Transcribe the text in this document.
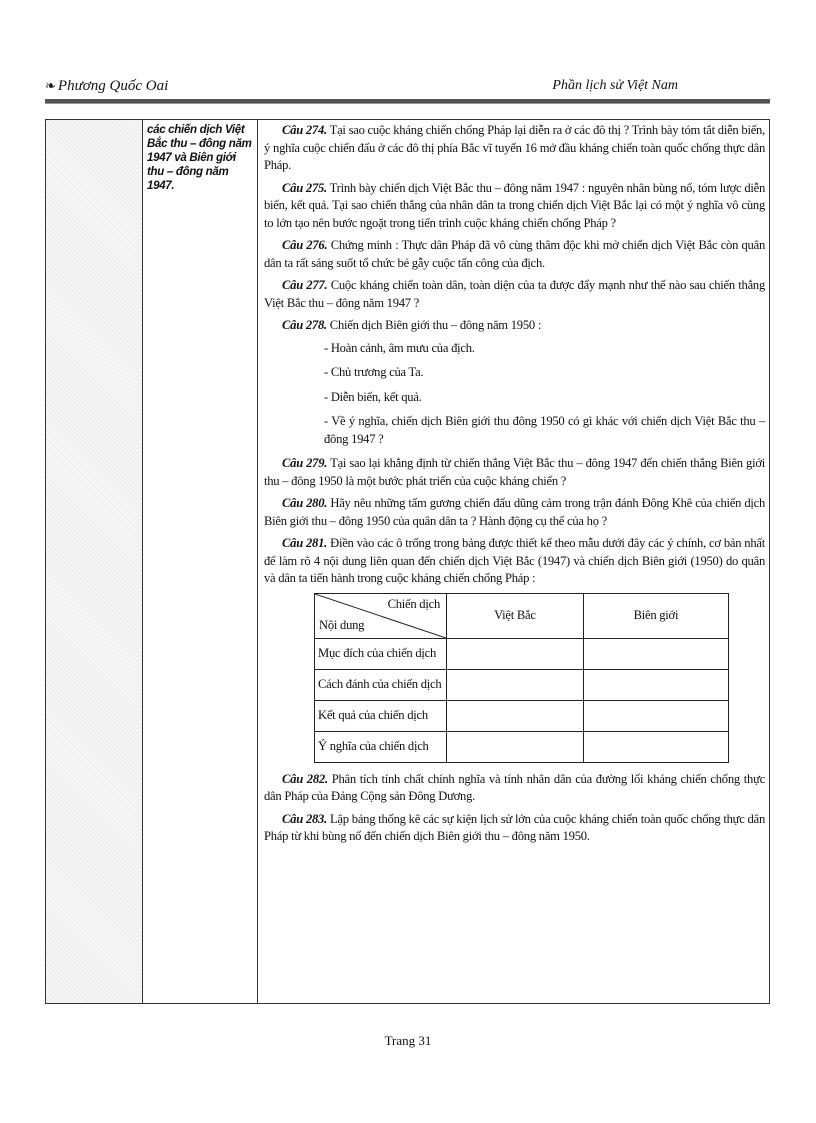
❧ Phương Quốc Oai	Phần lịch sử Việt Nam

các chiến dịch Việt Bắc thu – đông năm 1947 và Biên giới thu – đông năm 1947.

Câu 274. Tại sao cuộc kháng chiến chống Pháp lại diễn ra ở các đô thị ? Trình bày tóm tắt diễn biến, ý nghĩa cuộc chiến đấu ở các đô thị phía Bắc vĩ tuyến 16 mở đầu kháng chiến toàn quốc chống thực dân Pháp.

Câu 275. Trình bày chiến dịch Việt Bắc thu – đông năm 1947 : nguyên nhân bùng nổ, tóm lược diễn biến, kết quả. Tại sao chiến thắng của nhân dân ta trong chiến dịch Việt Bắc lại có một ý nghĩa vô cùng to lớn tạo nên bước ngoặt trong tiến trình cuộc kháng chiến chống Pháp ?

Câu 276. Chứng minh : Thực dân Pháp đã vô cùng thâm độc khi mở chiến dịch Việt Bắc còn quân dân ta rất sáng suốt tổ chức bẻ gẫy cuộc tấn công của địch.

Câu 277. Cuộc kháng chiến toàn dân, toàn diện của ta được đẩy mạnh như thế nào sau chiến thắng Việt Bắc thu – đông năm 1947 ?

Câu 278. Chiến dịch Biên giới thu – đông năm 1950 :

- Hoàn cảnh, âm mưu của địch.
- Chủ trương của Ta.
- Diễn biến, kết quả.
- Về ý nghĩa, chiến dịch Biên giới thu đông 1950 có gì khác với chiến dịch Việt Bắc thu – đông 1947 ?

Câu 279. Tại sao lại khẳng định từ chiến thắng Việt Bắc thu – đông 1947 đến chiến thắng Biên giới thu – đông 1950 là một bước phát triển của cuộc kháng chiến ?

Câu 280. Hãy nêu những tấm gương chiến đấu dũng cảm trong trận đánh Đông Khê của chiến dịch Biên giới thu – đông 1950 của quân dân ta ? Hành động cụ thể của họ ?

Câu 281. Điền vào các ô trống trong bảng được thiết kế theo mẫu dưới đây các ý chính, cơ bản nhất để làm rõ 4 nội dung liên quan đến chiến dịch Việt Bắc (1947) và chiến dịch Biên giới (1950) do quân và dân ta tiến hành trong cuộc kháng chiến chống Pháp :

Chiến dịch
Nội dung	Việt Bắc	Biên giới
Mục đích của chiến dịch		
Cách đánh của chiến dịch		
Kết quả của chiến dịch		
Ý nghĩa của chiến dịch		

Câu 282. Phân tích tính chất chính nghĩa và tính nhân dân của đường lối kháng chiến chống thực dân Pháp của Đảng Cộng sản Đông Dương.

Câu 283. Lập bảng thống kê các sự kiện lịch sử lớn của cuộc kháng chiến toàn quốc chống thực dân Pháp từ khi bùng nổ đến chiến dịch Biên giới thu – đông năm 1950.

Trang 31
